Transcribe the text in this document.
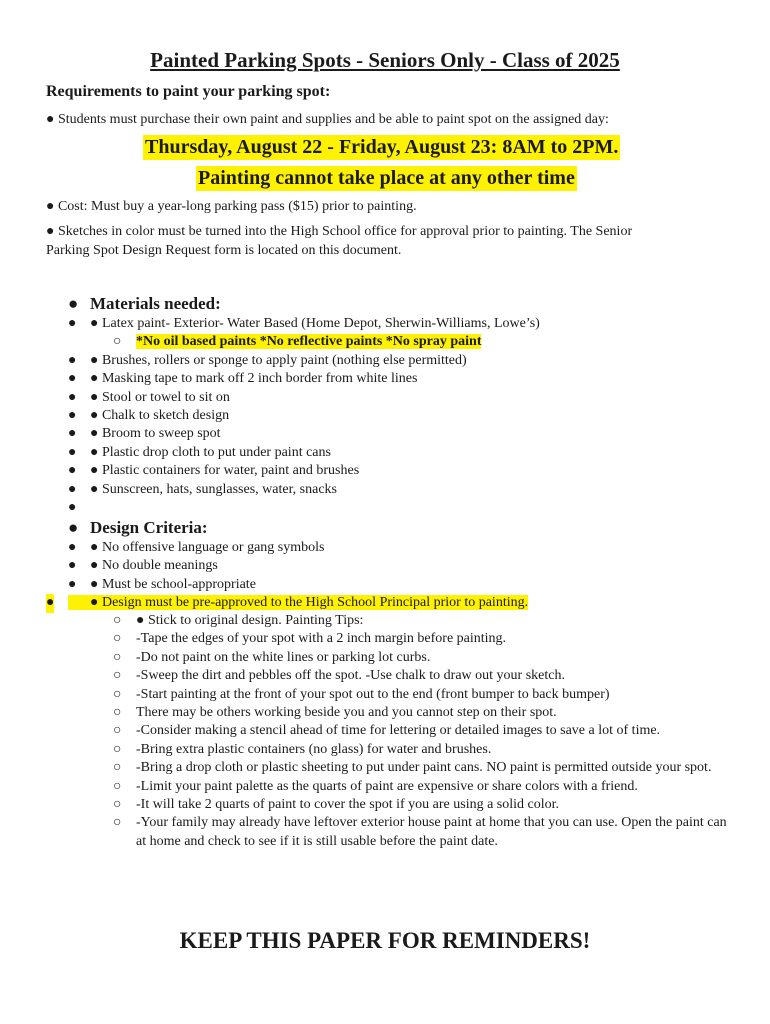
Painted Parking Spots - Seniors Only - Class of 2025
Requirements to paint your parking spot:
● Students must purchase their own paint and supplies and be able to paint spot on the assigned day:
Thursday, August 22 - Friday, August 23: 8AM to 2PM.
Painting cannot take place at any other time
● Cost: Must buy a year-long parking pass ($15) prior to painting.
● Sketches in color must be turned into the High School office for approval prior to painting. The Senior
Parking Spot Design Request form is located on this document.
● Materials needed:
● ● Latex paint- Exterior- Water Based (Home Depot, Sherwin-Williams, Lowe’s)
● ● Brushes, rollers or sponge to apply paint (nothing else permitted)
● ● Masking tape to mark off 2 inch border from white lines
● ● Stool or towel to sit on
● ● Chalk to sketch design
● ● Broom to sweep spot
● ● Plastic drop cloth to put under paint cans
● ● Plastic containers for water, paint and brushes
● ● Sunscreen, hats, sunglasses, water, snacks
●
○ *No oil based paints *No reflective paints *No spray paint
● Design Criteria:
● ● No offensive language or gang symbols
● ● No double meanings
● ● Must be school-appropriate
●	● Design must be pre-approved to the High School Principal prior to painting.
○ ● Stick to original design. Painting Tips:
○ -Tape the edges of your spot with a 2 inch margin before painting.
○ -Do not paint on the white lines or parking lot curbs.
○ -Sweep the dirt and pebbles off the spot. -Use chalk to draw out your sketch.
○ -Start painting at the front of your spot out to the end (front bumper to back bumper)
○ There may be others working beside you and you cannot step on their spot.
○ -Consider making a stencil ahead of time for lettering or detailed images to save a lot of time.
○ -Bring extra plastic containers (no glass) for water and brushes.
○ -Bring a drop cloth or plastic sheeting to put under paint cans. NO paint is permitted outside your spot.
○ -Limit your paint palette as the quarts of paint are expensive or share colors with a friend.
○ -It will take 2 quarts of paint to cover the spot if you are using a solid color.
○ -Your family may already have leftover exterior house paint at home that you can use. Open the paint can at home and check to see if it is still usable before the paint date.
KEEP THIS PAPER FOR REMINDERS!
